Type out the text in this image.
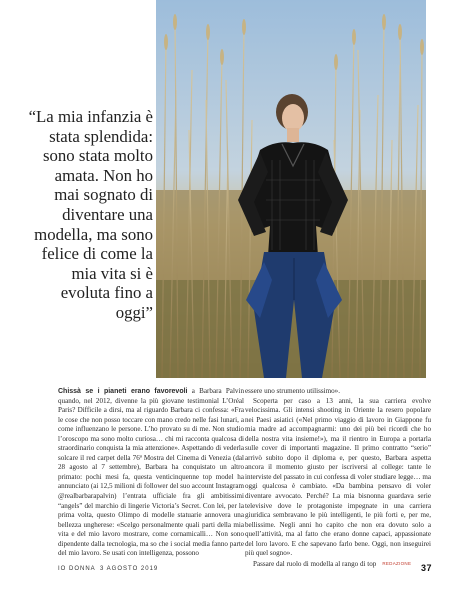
“La mia infanzia è stata splendida: sono stata molto amata. Non ho mai sognato di diventare una modella, ma sono felice di come la mia vita si è evoluta fino a oggi”

Chissà se i pianeti erano favorevoli a Barbara Palvin quando, nel 2012, divenne la più giovane testimonial L’Oréal Paris? Difficile a dirsi, ma al riguardo Barbara ci confessa: «Fra le cose che non posso toccare con mano credo nelle fasi lunari, a come influenzano le persone. L’ho provato su di me. Non studio l’oroscopo ma sono molto curiosa… chi mi racconta qualcosa di straordinario conquista la mia attenzione». Aspettando di vederla solcare il red carpet della 76ª Mostra del Cinema di Venezia (dal 28 agosto al 7 settembre), Barbara ha conquistato un altro primato: pochi mesi fa, questa venticinquenne top model ha annunciato (ai 12,5 milioni di follower del suo account Instagram @realbarbarapalvin) l’entrata ufficiale fra gli ambitissimi “angels” del marchio di lingerie Victoria’s Secret. Con lei, per la prima volta, questo Olimpo di modelle statuarie annovera una bellezza ungherese: «Scelgo personalmente quali parti della mia vita e del mio lavoro mostrare, come cornamicalli… Non sono dipendente dalla tecnologia, ma so che i social media fanno parte del mio lavoro. Se usati con intelligenza, possono

essere uno strumento utilissimo».

Scoperta per caso a 13 anni, la sua carriera evolve velocissima. Gli intensi shooting in Oriente la resero popolare nei Paesi asiatici («Nel primo viaggio di lavoro in Giappone fu mia madre ad accompagnarmi: uno dei più bei ricordi che ho della nostra vita insieme!»), ma il rientro in Europa a portarla sulle cover di importanti magazine. Il primo contratto “serio” arrivò subito dopo il diploma e, per questo, Barbara aspetta ancora il momento giusto per iscriversi al college: tante le interviste del passato in cui confessa di voler studiare legge… ma oggi qualcosa è cambiato. «Da bambina pensavo di voler diventare avvocato. Perché? La mia bisnonna guardava serie televisive dove le protagoniste impegnate in una carriera giuridica sembravano le più intelligenti, le più forti e, per me, bellissime. Negli anni ho capito che non era dovuto solo a quell’attività, ma al fatto che erano donne capaci, appassionate del loro lavoro. E che sapevano farlo bene. Oggi, non inseguirei più quel sogno».

Passare dal ruolo di modella al rango di top REDAZIONE

IO DONNA 3 AGOSTO 2019	37
